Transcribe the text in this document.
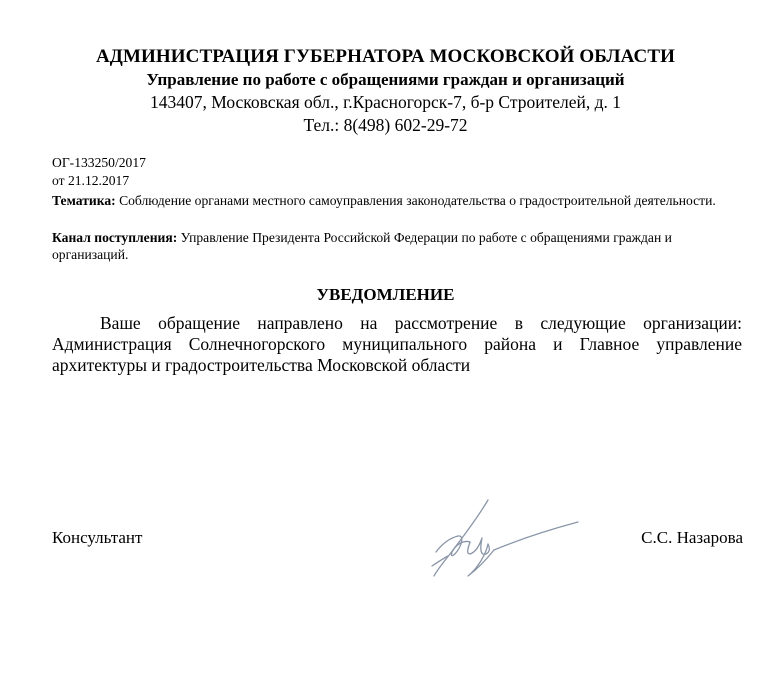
АДМИНИСТРАЦИЯ ГУБЕРНАТОРА МОСКОВСКОЙ ОБЛАСТИ
Управление по работе с обращениями граждан и организаций
143407, Московская обл., г.Красногорск-7, б-р Строителей, д. 1
Тел.: 8(498) 602-29-72
ОГ-133250/2017
от 21.12.2017
Тематика: Соблюдение органами местного самоуправления законодательства о градостроительной деятельности.
Канал поступления: Управление Президента Российской Федерации по работе с обращениями граждан и организаций.
УВЕДОМЛЕНИЕ
Ваше обращение направлено на рассмотрение в следующие организации: Администрация Солнечногорского муниципального района и Главное управление архитектуры и градостроительства Московской области
Консультант	С.С. Назарова
